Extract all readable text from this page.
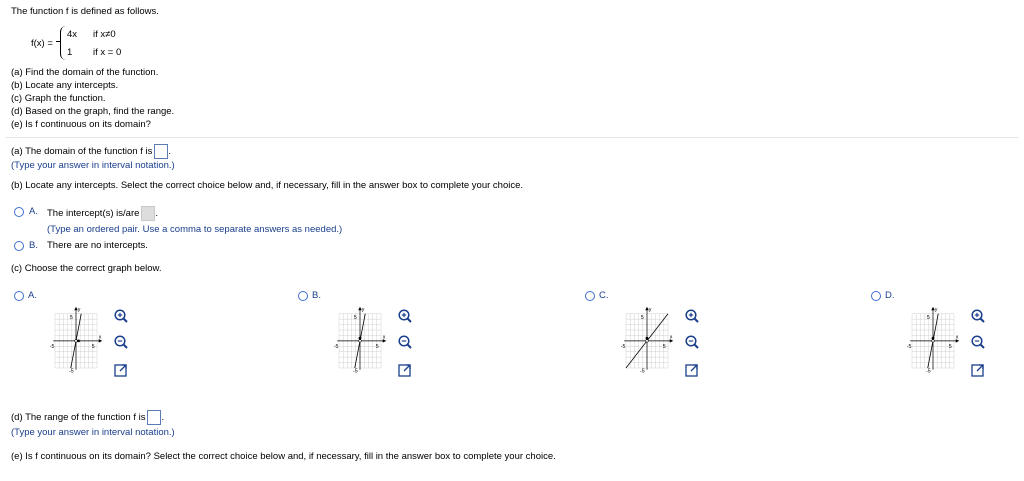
The function f is defined as follows.
f(x) =
4x if x≠0
1 if x = 0
(a) Find the domain of the function.
(b) Locate any intercepts.
(c) Graph the function.
(d) Based on the graph, find the range.
(e) Is f continuous on its domain?
(a) The domain of the function f is .
(Type your answer in interval notation.)
(b) Locate any intercepts. Select the correct choice below and, if necessary, fill in the answer box to complete your choice.
A. The intercept(s) is/are .
(Type an ordered pair. Use a comma to separate answers as needed.)
B. There are no intercepts.
(c) Choose the correct graph below.
A.
5
-5
-5	5
x
y
B.
5
-5
-5	5
x
y
C.
5
-5
-5	5
x
y
D.
5
-5
-5	5
x
y
(d) The range of the function f is .
(Type your answer in interval notation.)
(e) Is f continuous on its domain? Select the correct choice below and, if necessary, fill in the answer box to complete your choice.
